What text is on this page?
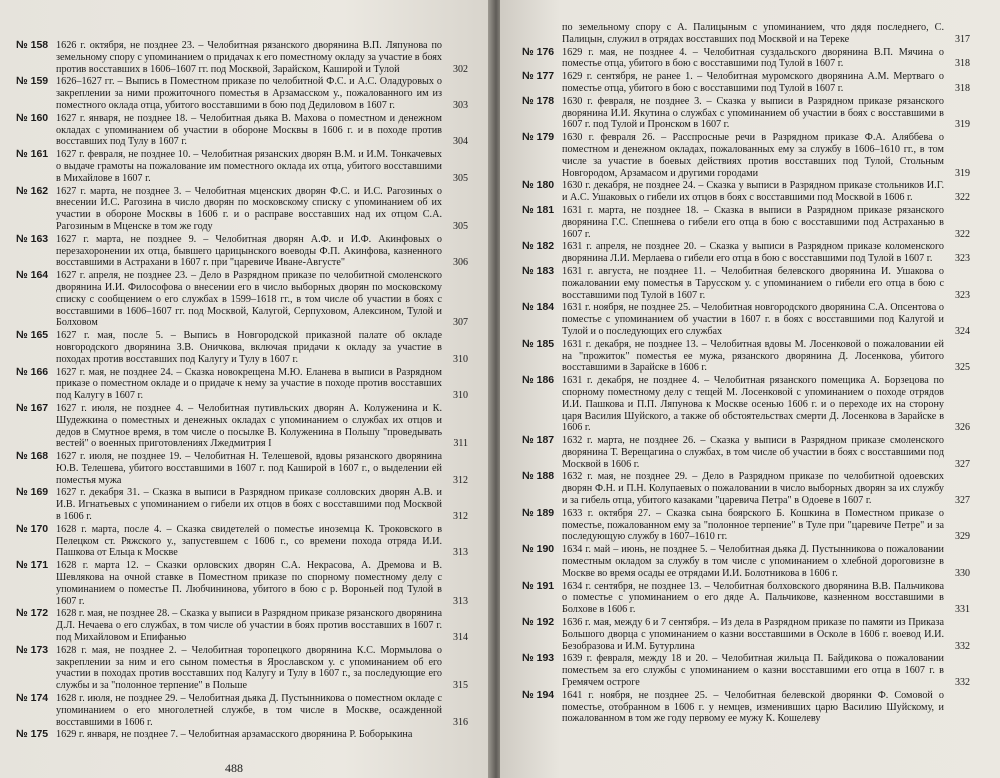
№ 158 1626 г. октября, не позднее 23. – Челобитная рязанского дворянина В.П. Ляпунова по земельному спору с упоминанием о придачах к его поместному окладу за участие в боях против восставших в 1606–1607 гг. под Москвой, Зарайском, Каширой и Тулой	302
№ 159 1626–1627 гг. – Выпись в Поместном приказе по челобитной Ф.С. и А.С. Оладуровых о закреплении за ними прожиточного поместья в Арзамасском у., пожалованного им из поместного оклада отца, убитого восставшими в бою под Дедиловом в 1607 г.	303
№ 160 1627 г. января, не позднее 18. – Челобитная дьяка В. Махова о поместном и денежном окладах с упоминанием об участии в обороне Москвы в 1606 г. и в походе против восставших под Тулу в 1607 г.	304
№ 161 1627 г. февраля, не позднее 10. – Челобитная рязанских дворян В.М. и И.М. Тонкачевых о выдаче грамоты на пожалование им поместного оклада их отца, убитого восставшими в Михайлове в 1607 г.	305
№ 162 1627 г. марта, не позднее 3. – Челобитная мценских дворян Ф.С. и И.С. Рагозиных о внесении И.С. Рагозина в число дворян по московскому списку с упоминанием об их участии в обороне Москвы в 1606 г. и о расправе восставших над их отцом С.А. Рагозиным в Мценске в том же году	305
№ 163 1627 г. марта, не позднее 9. – Челобитная дворян А.Ф. и И.Ф. Акинфовых о перезахоронении их отца, бывшего царицынского воеводы Ф.П. Акинфова, казненного восставшими в Астрахани в 1607 г. при "царевиче Иване-Августе"	306
№ 164 1627 г. апреля, не позднее 23. – Дело в Разрядном приказе по челобитной смоленского дворянина И.И. Философова о внесении его в число выборных дворян по московскому списку с сообщением о его службах в 1599–1618 гг., в том числе об участии в боях с восставшими в 1606–1607 гг. под Москвой, Калугой, Серпуховом, Алексином, Тулой и Болховом	307
№ 165 1627 г. мая, после 5. – Выпись в Новгородской приказной палате об окладе новгородского дворянина З.В. Оничкова, включая придачи к окладу за участие в походах против восставших под Калугу и Тулу в 1607 г.	310
№ 166 1627 г. мая, не позднее 24. – Сказка новокрещена М.Ю. Еланева в выписи в Разрядном приказе о поместном окладе и о придаче к нему за участие в походе против восставших под Калугу в 1607 г.	310
№ 167 1627 г. июля, не позднее 4. – Челобитная путивльских дворян А. Колуженина и К. Шудежкина о поместных и денежных окладах с упоминанием о службах их отцов и дедов в Смутное время, в том числе о посылке В. Колуженина в Польшу "проведывать вестей" о военных приготовлениях Лжедмитрия I	311
№ 168 1627 г. июля, не позднее 19. – Челобитная Н. Телешевой, вдовы рязанского дворянина Ю.В. Телешева, убитого восставшими в 1607 г. под Каширой в 1607 г., о выделении ей поместья мужа	312
№ 169 1627 г. декабря 31. – Сказка в выписи в Разрядном приказе солловских дворян А.В. и И.В. Игнатьевых с упоминанием о гибели их отцов в боях с восставшими под Москвой в 1606 г.	312
№ 170 1628 г. марта, после 4. – Сказка свидетелей о поместье иноземца К. Троковского в Пелецком ст. Ряжского у., запустевшем с 1606 г., со времени похода отряда И.И. Пашкова от Ельца к Москве	313
№ 171 1628 г. марта 12. – Сказки орловских дворян С.А. Некрасова, А. Дремова и В. Шевлякова на очной ставке в Поместном приказе по спорному поместному делу с упоминанием о поместье П. Любчининова, убитого в бою с р. Вороньей под Тулой в 1607 г.	313
№ 172 1628 г. мая, не позднее 28. – Сказка у выписи в Разрядном приказе рязанского дворянина Д.Л. Нечаева о его службах, в том числе об участии в боях против восставших в 1607 г. под Михайловом и Епифанью	314
№ 173 1628 г. мая, не позднее 2. – Челобитная торопецкого дворянина К.С. Мормылова о закреплении за ним и его сыном поместья в Ярославском у. с упоминанием об его участии в походах против восставших под Калугу и Тулу в 1607 г., за последующие его службы и за "полонное терпение" в Польше	315
№ 174 1628 г. июля, не позднее 29. – Челобитная дьяка Д. Пустынникова о поместном окладе с упоминанием о его многолетней службе, в том числе в Москве, осажденной восставшими в 1606 г.	316
№ 175 1629 г. января, не позднее 7. – Челобитная арзамасского дворянина Р. Боборыкина
488
по земельному спору с А. Палицыным с упоминанием, что дядя последнего, С. Палицын, служил в отрядах восставших под Москвой и на Тереке	317
№ 176 1629 г. мая, не позднее 4. – Челобитная суздальского дворянина В.П. Мячина о поместье отца, убитого в бою с восставшими под Тулой в 1607 г.	318
№ 177 1629 г. сентября, не ранее 1. – Челобитная муромского дворянина А.М. Мертваго о поместье отца, убитого в бою с восставшими под Тулой в 1607 г.	318
№ 178 1630 г. февраля, не позднее 3. – Сказка у выписи в Разрядном приказе рязанского дворянина И.И. Якутина о службах с упоминанием об участии в боях с восставшими в 1607 г. под Тулой и Пронском в 1607 г.	319
№ 179 1630 г. февраля 26. – Расспросные речи в Разрядном приказе Ф.А. Аляббева о поместном и денежном окладах, пожалованных ему за службу в 1606–1610 гг., в том числе за участие в боевых действиях против восставших под Тулой, Стольным Новгородом, Арзамасом и другими городами	319
№ 180 1630 г. декабря, не позднее 24. – Сказка у выписи в Разрядном приказе стольников И.Г. и А.С. Ушаковых о гибели их отцов в боях с восставшими под Москвой в 1606 г.	322
№ 181 1631 г. марта, не позднее 18. – Сказка в выписи в Разрядном приказе рязанского дворянина Г.С. Спешнева о гибели его отца в бою с восставшими под Астраханью в 1607 г.	322
№ 182 1631 г. апреля, не позднее 20. – Сказка у выписи в Разрядном приказе коломенского дворянина Л.И. Мерлаева о гибели его отца в бою с восставшими под Тулой в 1607 г.	323
№ 183 1631 г. августа, не позднее 11. – Челобитная белевского дворянина И. Ушакова о пожаловании ему поместья в Тарусском у. с упоминанием о гибели его отца в бою с восставшими под Тулой в 1607 г.	323
№ 184 1631 г. ноября, не позднее 25. – Челобитная новгородского дворянина С.А. Опсентова о поместье с упоминанием об участии в 1607 г. в боях с восставшими под Калугой и Тулой и о последующих его службах	324
№ 185 1631 г. декабря, не позднее 13. – Челобитная вдовы М. Лосенковой о пожаловании ей на "прожиток" поместья ее мужа, рязанского дворянина Д. Лосенкова, убитого восставшими в Зарайске в 1606 г.	325
№ 186 1631 г. декабря, не позднее 4. – Челобитная рязанского помещика А. Борзецова по спорному поместному делу с тещей М. Лосенковой с упоминанием о походе отрядов И.И. Пашкова и П.П. Ляпунова к Москве осенью 1606 г. и о переходе их на сторону царя Василия Шуйского, а также об обстоятельствах смерти Д. Лосенкова в Зарайске в 1606 г.	326
№ 187 1632 г. марта, не позднее 26. – Сказка у выписи в Разрядном приказе смоленского дворянина Т. Верещагина о службах, в том числе об участии в боях с восставшими под Москвой в 1606 г.	327
№ 188 1632 г. мая, не позднее 29. – Дело в Разрядном приказе по челобитной одоевских дворян Ф.Н. и П.Н. Колупаевых о пожаловании в число выборных дворян за их службу и за гибель отца, убитого казаками "царевича Петра" в Одоеве в 1607 г.	327
№ 189 1633 г. октября 27. – Сказка сына боярского Б. Кошкина в Поместном приказе о поместье, пожалованном ему за "полонное терпение" в Туле при "царевиче Петре" и за последующую службу в 1607–1610 гг.	329
№ 190 1634 г. май – июнь, не позднее 5. – Челобитная дьяка Д. Пустынникова о пожаловании поместным окладом за службу в том числе с упоминанием о хлебной дороговизне в Москве во время осады ее отрядами И.И. Болотникова в 1606 г.	330
№ 191 1634 г. сентября, не позднее 13. – Челобитная болховского дворянина В.В. Пальчикова о поместье с упоминанием о его дяде А. Пальчикове, казненном восставшими в Болхове в 1606 г.	331
№ 192 1636 г. мая, между 6 и 7 сентября. – Из дела в Разрядном приказе по памяти из Приказа Большого дворца с упоминанием о казни восставшими в Осколе в 1606 г. воевод И.И. Безобразова и И.М. Бутурлина	332
№ 193 1639 г. февраля, между 18 и 20. – Челобитная жильца П. Байдикова о пожаловании поместьем за его службы с упоминанием о казни восставшими его отца в 1607 г. в Гремячем остроге	332
№ 194 1641 г. ноября, не позднее 25. – Челобитная белевской дворянки Ф. Сомовой о поместье, отобранном в 1606 г. у немцев, изменивших царю Василию Шуйскому, и пожалованном в том же году первому ее мужу К. Кошелеву
